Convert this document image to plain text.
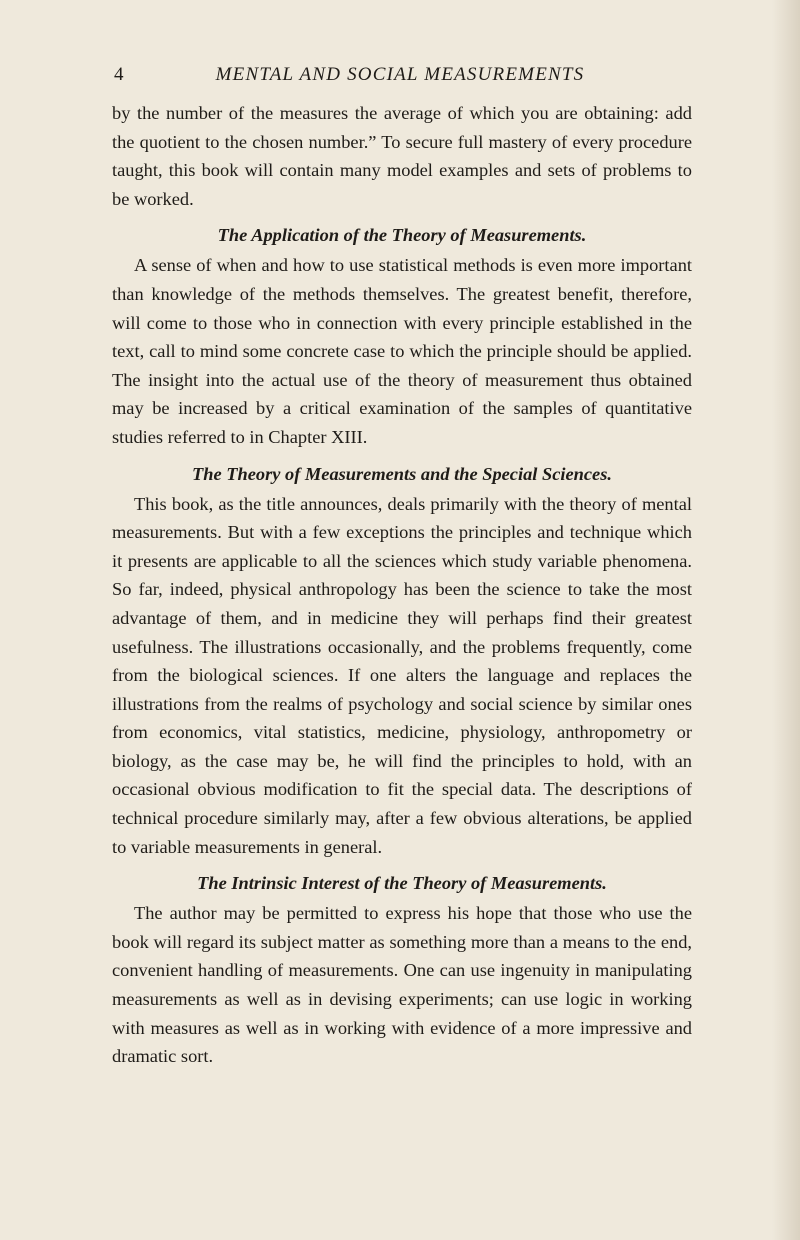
4	MENTAL AND SOCIAL MEASUREMENTS

by the number of the measures the average of which you are obtaining: add the quotient to the chosen number.” To secure full mastery of every procedure taught, this book will contain many model examples and sets of problems to be worked.

The Application of the Theory of Measurements.

A sense of when and how to use statistical methods is even more important than knowledge of the methods themselves. The greatest benefit, therefore, will come to those who in connection with every principle established in the text, call to mind some concrete case to which the principle should be applied. The insight into the actual use of the theory of measurement thus obtained may be increased by a critical examination of the samples of quantitative studies referred to in Chapter XIII.

The Theory of Measurements and the Special Sciences.

This book, as the title announces, deals primarily with the theory of mental measurements. But with a few exceptions the principles and technique which it presents are applicable to all the sciences which study variable phenomena. So far, indeed, physical anthropology has been the science to take the most advantage of them, and in medicine they will perhaps find their greatest usefulness. The illustrations occasionally, and the problems frequently, come from the biological sciences. If one alters the language and replaces the illustrations from the realms of psychology and social science by similar ones from economics, vital statistics, medicine, physiology, anthropometry or biology, as the case may be, he will find the principles to hold, with an occasional obvious modification to fit the special data. The descriptions of technical procedure similarly may, after a few obvious alterations, be applied to variable measurements in general.

The Intrinsic Interest of the Theory of Measurements.

The author may be permitted to express his hope that those who use the book will regard its subject matter as something more than a means to the end, convenient handling of measurements. One can use ingenuity in manipulating measurements as well as in devising experiments; can use logic in working with measures as well as in working with evidence of a more impressive and dramatic sort.
